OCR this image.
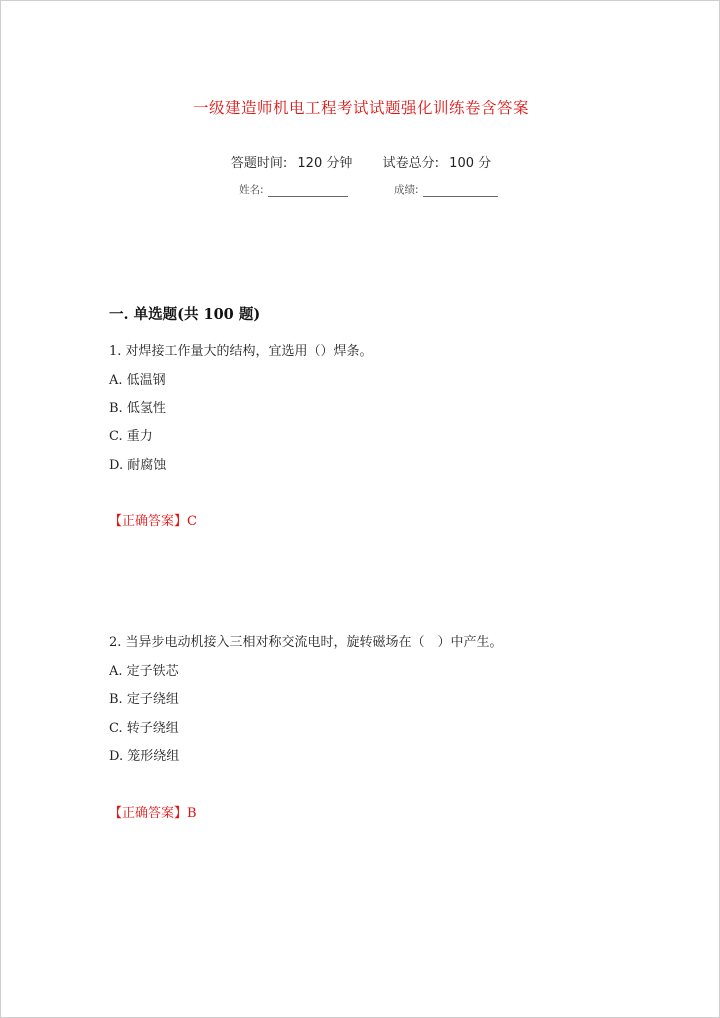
一级建造师机电工程考试试题强化训练卷含答案
答题时间: 120 分钟 试卷总分: 100 分
姓名:	成绩:
一. 单选题(共 100 题)
1. 对焊接工作量大的结构，宜选用（）焊条。
A. 低温钢
B. 低氢性
C. 重力
D. 耐腐蚀
【正确答案】C
2. 当异步电动机接入三相对称交流电时，旋转磁场在（　）中产生。
A. 定子铁芯
B. 定子绕组
C. 转子绕组
D. 笼形绕组
【正确答案】B
